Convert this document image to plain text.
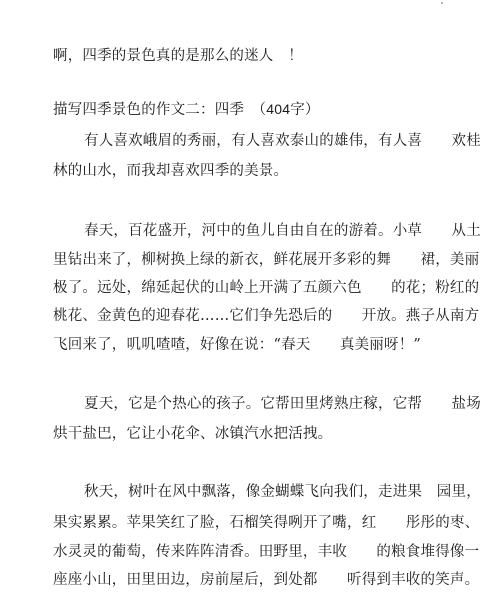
啊，四季的景色真的是那么的迷人　！
描写四季景色的作文二：四季　（404字）
有人喜欢峨眉的秀丽，有人喜欢泰山的雄伟，有人喜　　欢桂
林的山水，而我却喜欢四季的美景。
春天，百花盛开，河中的鱼儿自由自在的游着。小草　　从土
里钻出来了，柳树换上绿的新衣，鲜花展开多彩的舞　　裙，美丽
极了。远处，绵延起伏的山岭上开满了五颜六色　　的花；粉红的
桃花、金黄色的迎春花……它们争先恐后的　　开放。燕子从南方
飞回来了，叽叽喳喳，好像在说：“春天　　真美丽呀！”
夏天，它是个热心的孩子。它帮田里烤熟庄稼，它帮　　盐场
烘干盐巴，它让小花伞、冰镇汽水把活拽。
秋天，树叶在风中飘落，像金蝴蝶飞向我们，走进果　园里，
果实累累。苹果笑红了脸，石榴笑得咧开了嘴，红　　彤彤的枣、
水灵灵的葡萄，传来阵阵清香。田野里，丰收　　的粮食堆得像一
座座小山，田里田边，房前屋后，到处都　　听得到丰收的笑声。
